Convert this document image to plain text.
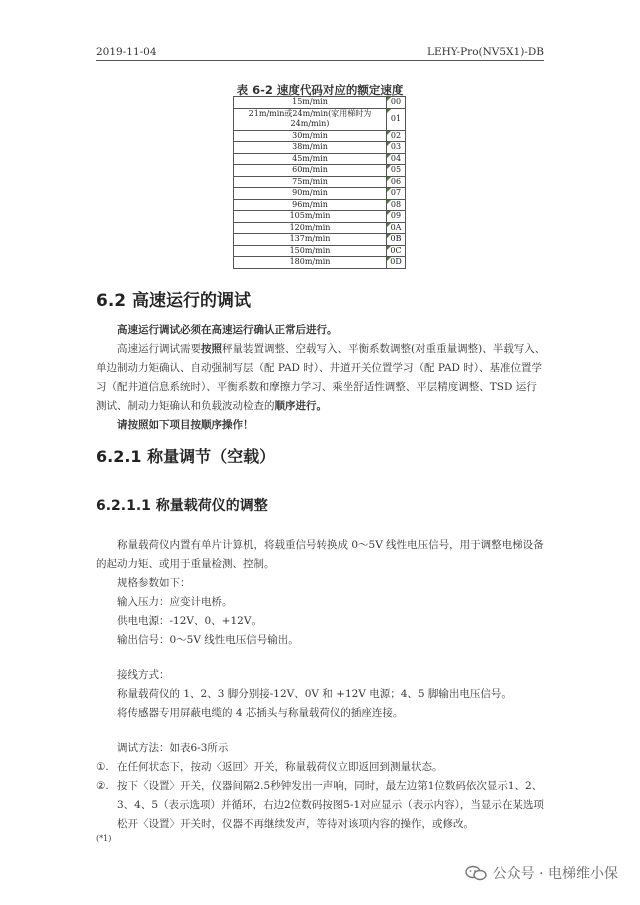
2019-11-04	LEHY-Pro(NV5X1)-DB
表 6-2 速度代码对应的额定速度
15m/min	00
21m/min或24m/min(家用梯时为24m/min)	01
30m/min	02
38m/min	03
45m/min	04
60m/min	05
75m/min	06
90m/min	07
96m/min	08
105m/min	09
120m/min	0A
137m/min	0B
150m/min	0C
180m/min	0D
6.2 高速运行的调试
高速运行调试必须在高速运行确认正常后进行。
高速运行调试需要按照秤量装置调整、空载写入、平衡系数调整(对重重量调整)、半载写入、单边制动力矩确认、自动强制写层（配 PAD 时）、井道开关位置学习（配 PAD 时）、基准位置学习（配井道信息系统时）、平衡系数和摩擦力学习、乘坐舒适性调整、平层精度调整、TSD 运行测试、制动力矩确认和负载波动检查的顺序进行。
请按照如下项目按顺序操作！
6.2.1 称量调节（空载）
6.2.1.1 称量载荷仪的调整
称量载荷仪内置有单片计算机，将载重信号转换成 0～5V 线性电压信号，用于调整电梯设备的起动力矩、或用于重量检测、控制。
规格参数如下：
输入压力：应变计电桥。
供电电源：-12V、0、+12V。
输出信号：0～5V 线性电压信号输出。
接线方式：
称量载荷仪的 1、2、3 脚分别接-12V、0V 和 +12V 电源；4、5 脚输出电压信号。
将传感器专用屏蔽电缆的 4 芯插头与称量载荷仪的插座连接。
调试方法：如表6-3所示
①. 在任何状态下，按动〈返回〉开关，称量载荷仪立即返回到测量状态。
②. 按下〈设置〉开关，仪器间隔2.5秒钟发出一声响，同时，最左边第1位数码依次显示1、2、3、4、5（表示选项）并循环，右边2位数码按图5-1对应显示（表示内容），当显示在某选项松开〈设置〉开关时，仪器不再继续发声，等待对该项内容的操作，或修改。
(*1)
公众号 · 电梯维小保
